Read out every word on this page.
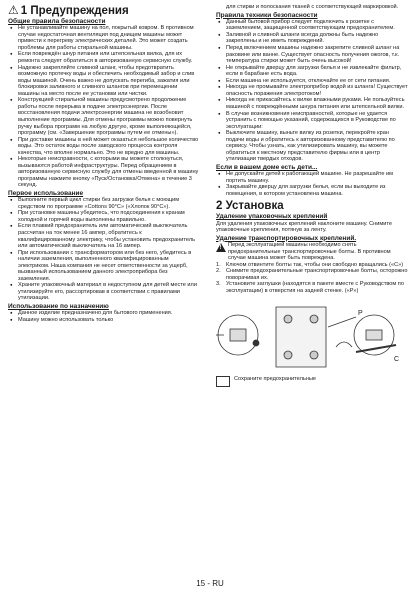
⚠ 1 Предупреждения
Общие правила безопасности
● Не устанавливайте машину на пол, покрытый ковром. В противном случае недостаточная вентиляция под днищем машины может привести к перегреву электрических деталей. Это может создать проблемы для работы стиральной машины.
● Если повреждён шнур питания или штепсельная вилка, для их ремонта следует обратиться в авторизованную сервисную службу.
● Надежно закрепляйте сливной шланг, чтобы предотвратить возможную протечку воды и обеспечить необходимый забор и слив воды машиной. Очень важно не допускать перегиба, зажатия или блокировки заливного и сливного шлангов при перемещении машины на место после ее установки или чистки.
● Конструкцией стиральной машины предусмотрено продолжение работы после перерыва в подаче электроэнергии. После восстановления подачи электроэнергии машина не возобновит выполнение программы. Для отмены программы можно повернуть ручку выбора программ на любую другую, кроме выполняющейся, программу (см. «Завершение программы путем ее отмены»).
● При доставке машины в ней может оказаться небольшое количество воды. Это остаток воды после заводского процесса контроля качества, что вполне нормально. Это не вредно для машины.
● Некоторые неисправности, с которыми вы можете столкнуться, вызываются работой инфраструктуры. Перед обращением в авторизованную сервисную службу для отмены введенной в машину программы нажмите кнопку «Пуск/Остановка/Отмена» в течение 3 секунд.
Первое использование
● Выполните первый цикл стирки без загрузки белья с моющим средством по программе «Cottons 90°C» («Хлопок 90°C»).
● При установке машины убедитесь, что подсоединения к кранам холодной и горячей воды выполнены правильно.
● Если плавкий предохранитель или автоматический выключатель рассчитан на ток менее 16 ампер, обратитесь к квалифицированному электрику, чтобы установить предохранитель или автоматический выключатель на 16 ампер.
● При использовании с трансформатором или без него, убедитесь в наличии заземления, выполненного квалифицированным электриком. Наша компания не несет ответственности за ущерб, вызванный использованием данного электроприбора без заземления.
● Храните упаковочный материал в недоступном для детей месте или утилизируйте его, рассортировав в соответствии с правилами утилизации.
Использование по назначению
● Данное изделие предназначено для бытового применения.
● Машину можно использовать только
для стирки и полоскания тканей с соответствующей маркировкой.
Правила техники безопасности
● Данный бытовой прибор следует подключить к розетке с заземлением, защищенной соответствующим предохранителем.
● Заливной и сливной шланги всегда должны быть надежно закреплены и не иметь повреждений.
● Перед включением машины надежно закрепите сливной шланг на раковине или ванне. Существует опасность получения ожогов, т.к. температура стирки может быть очень высокой!
● Не открывайте дверцу для загрузки белья и не извлекайте фильтр, если в барабане есть вода.
● Если машина не используется, отключайте ее от сети питания.
● Никогда не промывайте электроприбор водой из шланга! Существует опасность поражения электротоком!
● Никогда не прикасайтесь к вилке влажными руками. Не пользуйтесь машиной с повреждёнными шнура питания или штепсельной вилки.
● В случае возникновения неисправностей, которые не удается устранить с помощью указаний, содержащихся в Руководстве по эксплуатации:
● Выключите машину, выньте вилку из розетки, перекройте кран подачи воды и обратитесь к авторизованному представителю по сервису. Чтобы узнать, как утилизировать машину, вы можете обратиться к местному представителю фирмы или в центр утилизации твердых отходов.
Если в вашем доме есть дети...
● Не допускайте детей к работающей машине. Не разрешайте им портить машину.
● Закрывайте дверцу для загрузки белья, если вы выходите из помещения, в котором установлена машина.
2 Установка
Удаление упаковочных креплений

Для удаления упаковочных креплений наклоните машину. Снимите упаковочные крепления, потянув за ленту.

Удаление транспортировочных креплений.
!

Перед эксплуатацией машины необходимо снять предохранительные транспортировочные болты. В противном случае машина может быть повреждена.

1. Ключом отвинтите болты так, чтобы они свободно вращались («C»)
2. Снимите предохранительные транспортировочные болты, осторожно поворачивая их.
3. Установите заглушки (находятся в пакете вместе с Руководством по эксплуатации) в отверстия на задней стенке. («P»)
P
C

Сохраните предохранительные

15 - RU
